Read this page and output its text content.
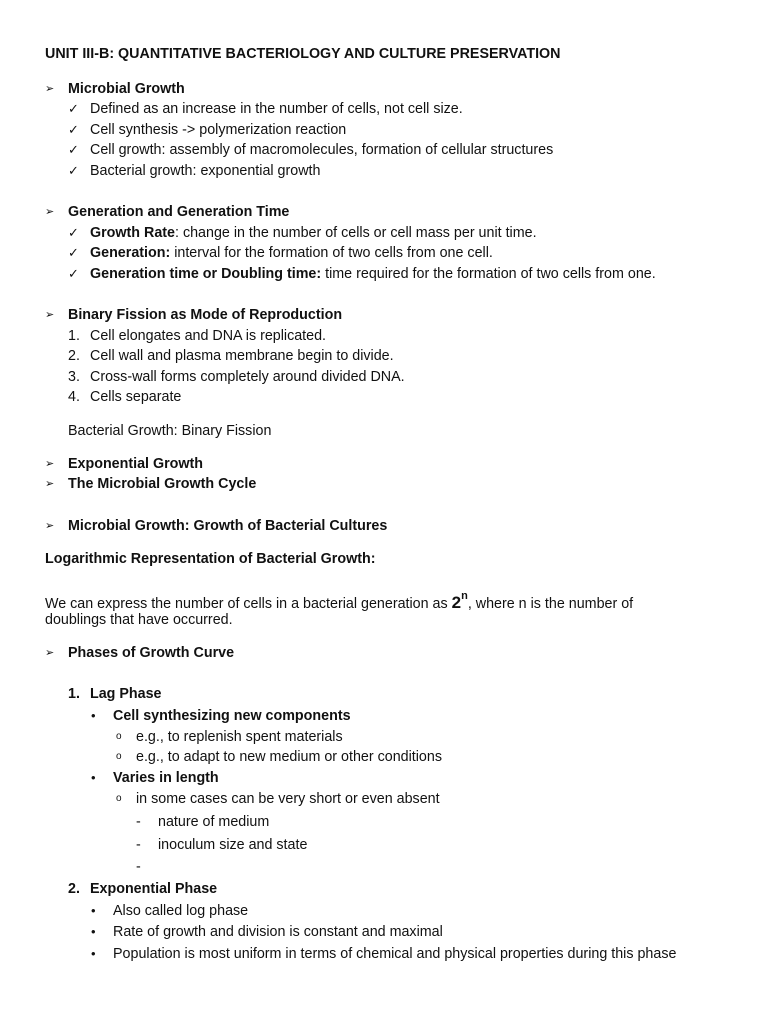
UNIT III-B: QUANTITATIVE BACTERIOLOGY AND CULTURE PRESERVATION
➢ Microbial Growth
✓ Defined as an increase in the number of cells, not cell size.
✓ Cell synthesis -> polymerization reaction
✓ Cell growth: assembly of macromolecules, formation of cellular structures
✓ Bacterial growth: exponential growth
➢ Generation and Generation Time
✓ Growth Rate: change in the number of cells or cell mass per unit time.
✓ Generation: interval for the formation of two cells from one cell.
✓ Generation time or Doubling time: time required for the formation of two cells from one.
➢ Binary Fission as Mode of Reproduction
1. Cell elongates and DNA is replicated.
2. Cell wall and plasma membrane begin to divide.
3. Cross-wall forms completely around divided DNA.
4. Cells separate
Bacterial Growth: Binary Fission
➢ Exponential Growth
➢ The Microbial Growth Cycle
➢ Microbial Growth: Growth of Bacterial Cultures
Logarithmic Representation of Bacterial Growth:
We can express the number of cells in a bacterial generation as 2$^n$, where n is the number of
doublings that have occurred.
➢ Phases of Growth Curve
1. Lag Phase
• Cell synthesizing new components
o e.g., to replenish spent materials
o e.g., to adapt to new medium or other conditions
• Varies in length
o in some cases can be very short or even absent
- nature of medium
- inoculum size and state
-
2. Exponential Phase
• Also called log phase
• Rate of growth and division is constant and maximal
• Population is most uniform in terms of chemical and physical properties during this phase
